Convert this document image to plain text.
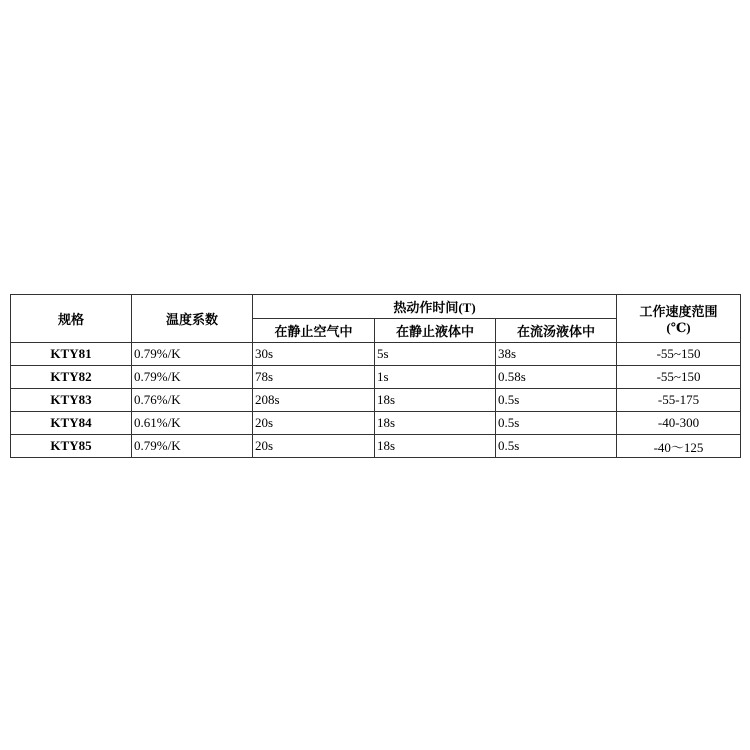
规格	温度系数	热动作时间(T)			工作速度范围
(℃)

		在静止空气中	在静止液体中	在流汤液体中	
KTY81	0.79%/K	30s	5s	38s	-55~150
KTY82	0.79%/K	78s	1s	0.58s	-55~150
KTY83	0.76%/K	208s	18s	0.5s	-55-175
KTY84	0.61%/K	20s	18s	0.5s	-40-300
KTY85	0.79%/K	20s	18s	0.5s	-40～125
